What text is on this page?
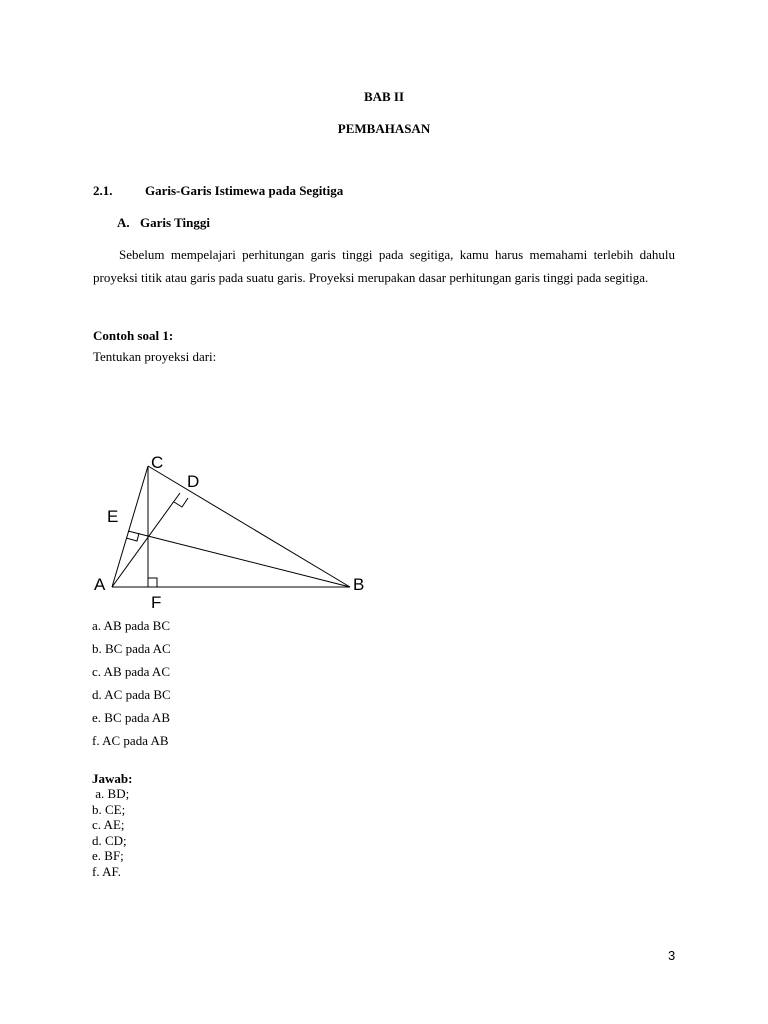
BAB II
PEMBAHASAN
2.1.	Garis-Garis Istimewa pada Segitiga
A. Garis Tinggi

Sebelum mempelajari perhitungan garis tinggi pada segitiga, kamu harus memahami terlebih dahulu proyeksi titik atau garis pada suatu garis. Proyeksi merupakan dasar perhitungan garis tinggi pada segitiga.

Contoh soal 1:
Tentukan proyeksi dari:
A	B
C
D
E
F
a. AB pada BC
b. BC pada AC
c. AB pada AC
d. AC pada BC
e. BC pada AB
f. AC pada AB
Jawab:
a. BD;
b. CE;
c. AE;
d. CD;
e. BF;
f. AF.
3
